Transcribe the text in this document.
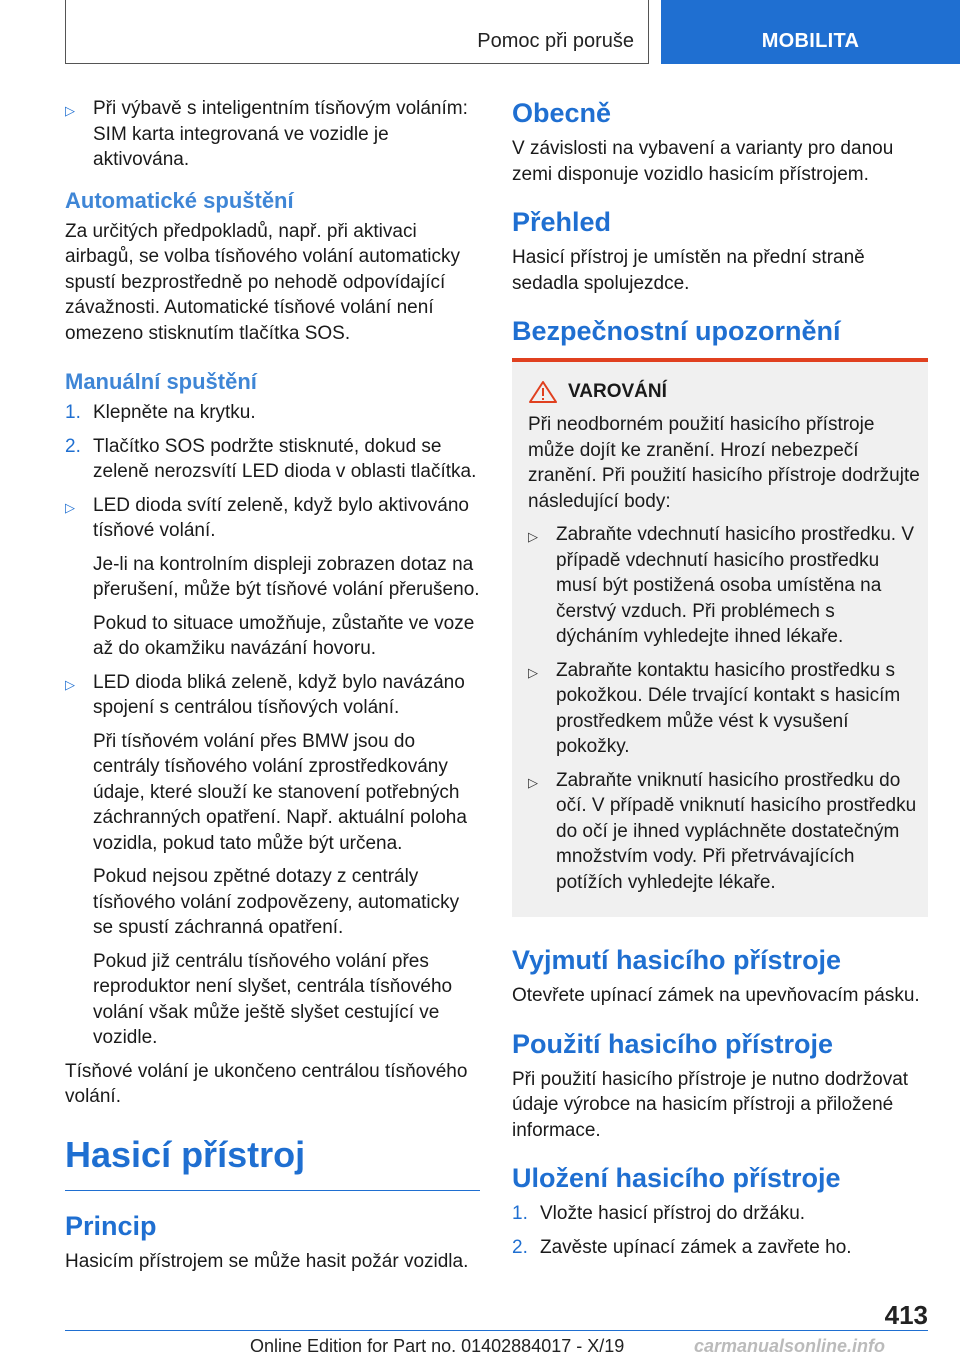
Pomoc při poruše	MOBILITA
▷ Při výbavě s inteligentním tísňovým voláním: SIM karta integrovaná ve vozidle je aktivována.

Automatické spuštění

Za určitých předpokladů, např. při aktivaci airbagů, se volba tísňového volání automaticky spustí bezprostředně po nehodě odpovídající závažnosti. Automatické tísňové volání není omezeno stisknutím tlačítka SOS.

Manuální spuštění
1. Klepněte na krytku.

2. Tlačítko SOS podržte stisknuté, dokud se zeleně nerozsvítí LED dioda v oblasti tlačítka.

▷ LED dioda svítí zeleně, když bylo aktivováno tísňové volání.

Je-li na kontrolním displeji zobrazen dotaz na přerušení, může být tísňové volání přerušeno.

Pokud to situace umožňuje, zůstaňte ve voze až do okamžiku navázání hovoru.

▷ LED dioda bliká zeleně, když bylo navázáno spojení s centrálou tísňových volání.

Při tísňovém volání přes BMW jsou do centrály tísňového volání zprostředkovány údaje, které slouží ke stanovení potřebných záchranných opatření. Např. aktuální poloha vozidla, pokud tato může být určena.

Pokud nejsou zpětné dotazy z centrály tísňového volání zodpovězeny, automaticky se spustí záchranná opatření.

Pokud již centrálu tísňového volání přes reproduktor není slyšet, centrála tísňového volání však může ještě slyšet cestující ve vozidle.

Tísňové volání je ukončeno centrálou tísňového volání.

Hasicí přístroj
Princip

Hasicím přístrojem se může hasit požár vozidla.

Obecně

V závislosti na vybavení a varianty pro danou zemi disponuje vozidlo hasicím přístrojem.

Přehled

Hasicí přístroj je umístěn na přední straně sedadla spolujezdce.

Bezpečnostní upozornění
VAROVÁNÍ

Při neodborném použití hasicího přístroje může dojít ke zranění. Hrozí nebezpečí zranění. Při použití hasicího přístroje dodržujte následující body:

▷ Zabraňte vdechnutí hasicího prostředku. V případě vdechnutí hasicího prostředku musí být postižená osoba umístěna na čerstvý vzduch. Při problémech s dýcháním vyhledejte ihned lékaře.

▷ Zabraňte kontaktu hasicího prostředku s pokožkou. Déle trvající kontakt s hasicím prostředkem může vést k vysušení pokožky.

▷ Zabraňte vniknutí hasicího prostředku do očí. V případě vniknutí hasicího prostředku do očí je ihned vypláchněte dostatečným množstvím vody. Při přetrvávajících potížích vyhledejte lékaře.

Vyjmutí hasicího přístroje

Otevřete upínací zámek na upevňovacím pásku.

Použití hasicího přístroje

Při použití hasicího přístroje je nutno dodržovat údaje výrobce na hasicím přístroji a přiložené informace.

Uložení hasicího přístroje
1. Vložte hasicí přístroj do držáku.

2. Zavěste upínací zámek a zavřete ho.

413
Online Edition for Part no. 01402884017 - X/19	carmanualsonline.info
